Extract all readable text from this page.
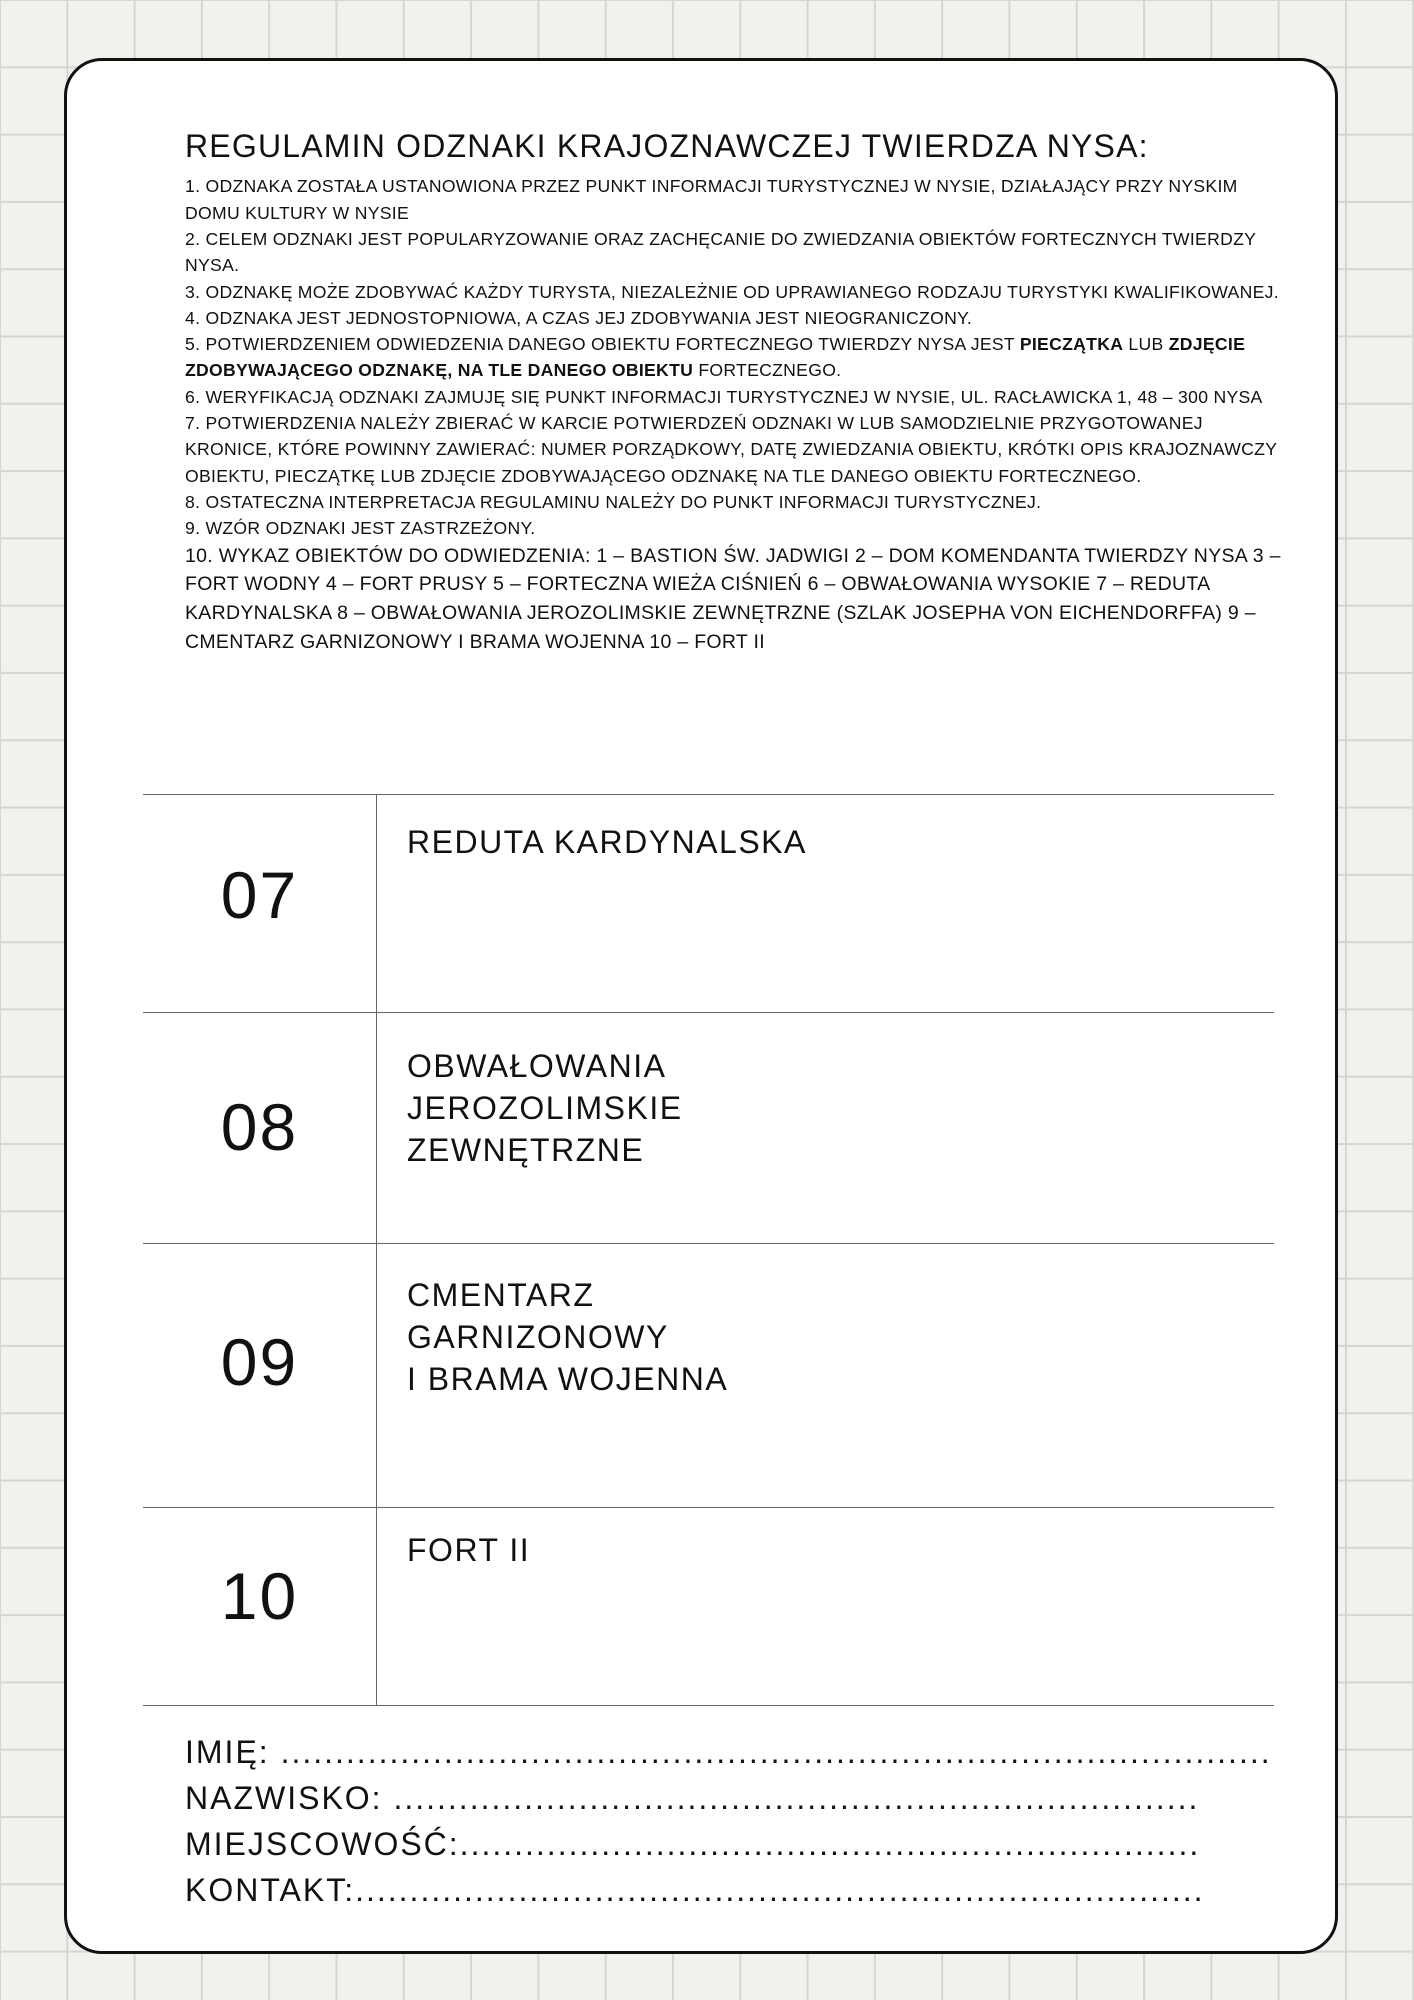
REGULAMIN ODZNAKI KRAJOZNAWCZEJ TWIERDZA NYSA:

1. ODZNAKA ZOSTAŁA USTANOWIONA PRZEZ PUNKT INFORMACJI TURYSTYCZNEJ W NYSIE, DZIAŁAJĄCY PRZY NYSKIM DOMU KULTURY W NYSIE

2. CELEM ODZNAKI JEST POPULARYZOWANIE ORAZ ZACHĘCANIE DO ZWIEDZANIA OBIEKTÓW FORTECZNYCH TWIERDZY NYSA.

3. ODZNAKĘ MOŻE ZDOBYWAĆ KAŻDY TURYSTA, NIEZALEŻNIE OD UPRAWIANEGO RODZAJU TURYSTYKI KWALIFIKOWANEJ.

4. ODZNAKA JEST JEDNOSTOPNIOWA, A CZAS JEJ ZDOBYWANIA JEST NIEOGRANICZONY.

5. POTWIERDZENIEM ODWIEDZENIA DANEGO OBIEKTU FORTECZNEGO TWIERDZY NYSA JEST PIECZĄTKA LUB ZDJĘCIE ZDOBYWAJĄCEGO ODZNAKĘ, NA TLE DANEGO OBIEKTU FORTECZNEGO.

6. WERYFIKACJĄ ODZNAKI ZAJMUJĘ SIĘ PUNKT INFORMACJI TURYSTYCZNEJ W NYSIE, UL. RACŁAWICKA 1, 48 – 300 NYSA

7. POTWIERDZENIA NALEŻY ZBIERAĆ W KARCIE POTWIERDZEŃ ODZNAKI W LUB SAMODZIELNIE PRZYGOTOWANEJ KRONICE, KTÓRE POWINNY ZAWIERAĆ: NUMER PORZĄDKOWY, DATĘ ZWIEDZANIA OBIEKTU, KRÓTKI OPIS KRAJOZNAWCZY OBIEKTU, PIECZĄTKĘ LUB ZDJĘCIE ZDOBYWAJĄCEGO ODZNAKĘ NA TLE DANEGO OBIEKTU FORTECZNEGO.

8. OSTATECZNA INTERPRETACJA REGULAMINU NALEŻY DO PUNKT INFORMACJI TURYSTYCZNEJ.

9. WZÓR ODZNAKI JEST ZASTRZEŻONY.

10. WYKAZ OBIEKTÓW DO ODWIEDZENIA: 1 – BASTION ŚW. JADWIGI 2 – DOM KOMENDANTA TWIERDZY NYSA 3 – FORT WODNY 4 – FORT PRUSY 5 – FORTECZNA WIEŻA CIŚNIEŃ 6 – OBWAŁOWANIA WYSOKIE 7 – REDUTA KARDYNALSKA 8 – OBWAŁOWANIA JEROZOLIMSKIE ZEWNĘTRZNE (SZLAK JOSEPHA VON EICHENDORFFA) 9 – CMENTARZ GARNIZONOWY I BRAMA WOJENNA 10 – FORT II

07
REDUTA KARDYNALSKA
08
OBWAŁOWANIA
JEROZOLIMSKIE
ZEWNĘTRZNE
09
CMENTARZ
GARNIZONOWY
I BRAMA WOJENNA
10
FORT II
IMIĘ: ...........................................................................................
NAZWISKO: ..........................................................................
MIEJSCOWOŚĆ:....................................................................
KONTAKT:..............................................................................
